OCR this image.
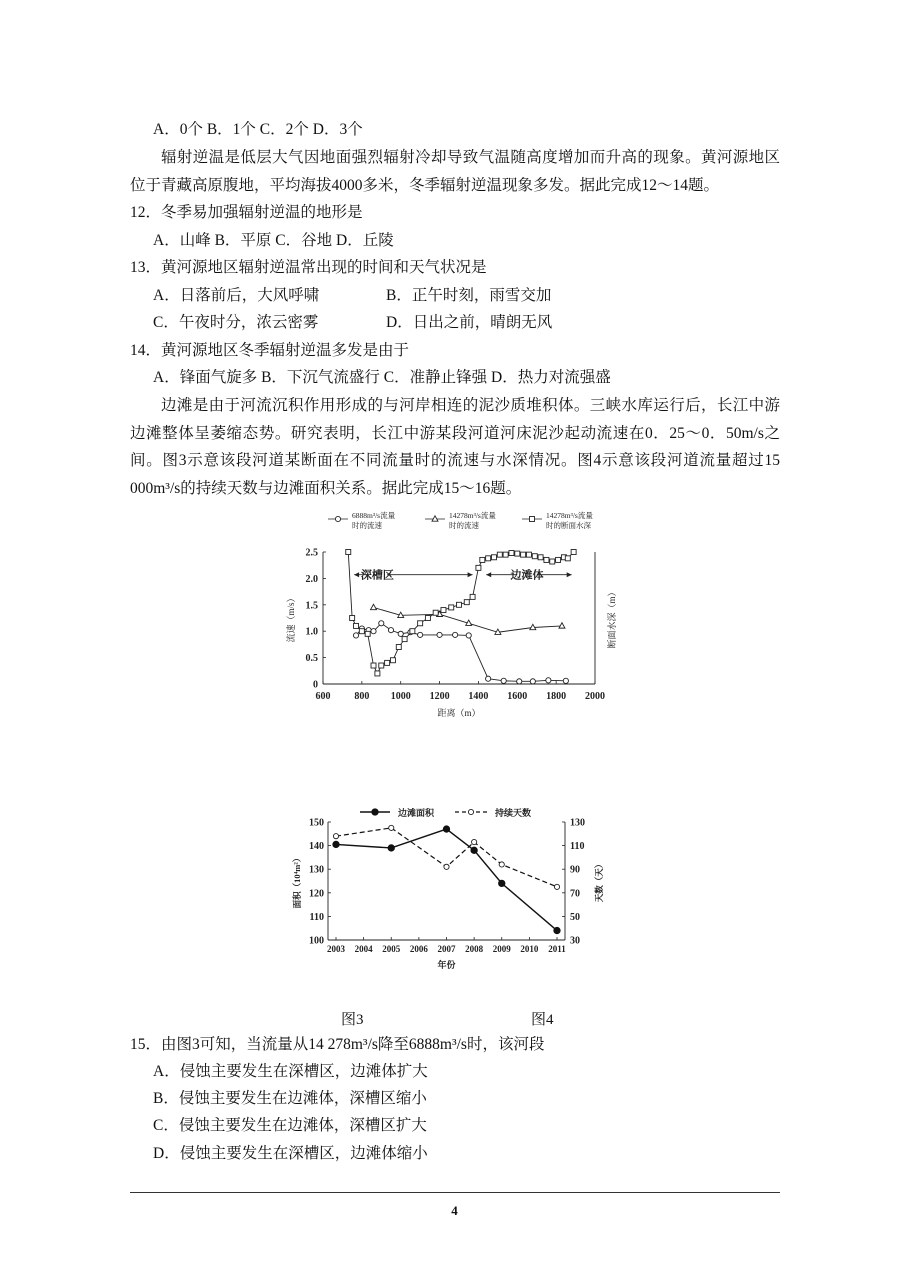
A．0个 B．1个 C．2个 D．3个
辐射逆温是低层大气因地面强烈辐射冷却导致气温随高度增加而升高的现象。黄河源地区位于青藏高原腹地，平均海拔4000多米，冬季辐射逆温现象多发。据此完成12～14题。
12．冬季易加强辐射逆温的地形是
A．山峰 B．平原 C．谷地 D．丘陵
13．黄河源地区辐射逆温常出现的时间和天气状况是
A．日落前后，大风呼啸	B．正午时刻，雨雪交加
C．午夜时分，浓云密雾	D．日出之前，晴朗无风
14．黄河源地区冬季辐射逆温多发是由于
A．锋面气旋多 B．下沉气流盛行 C．准静止锋强 D．热力对流强盛
边滩是由于河流沉积作用形成的与河岸相连的泥沙质堆积体。三峡水库运行后，长江中游边滩整体呈萎缩态势。研究表明，长江中游某段河道河床泥沙起动流速在0．25～0．50m/s之间。图3示意该段河道某断面在不同流量时的流速与水深情况。图4示意该段河道流量超过15 000m³/s的持续天数与边滩面积关系。据此完成15～16题。
6888m³/s流量
时的流速
14278m³/s流量
时的流速
14278m³/s流量
时的断面水深
0
0.5
1.0
1.5
2.0
2.5
600 800 1000 1200 1400 1600 1800 2000
距离（m）
流速（m/s）	断面水深（m）
深槽区	边滩体
边滩面积	持续天数
100
110
120
130
140
150
30
50
70
90
110
130
2003 2004 2005 2006 2007 2008 2009 2010 2011
年份
面积（10⁴m²）	天数（天）
图3	图4
15．由图3可知，当流量从14 278m³/s降至6888m³/s时，该河段
A．侵蚀主要发生在深槽区，边滩体扩大
B．侵蚀主要发生在边滩体，深槽区缩小
C．侵蚀主要发生在边滩体，深槽区扩大
D．侵蚀主要发生在深槽区，边滩体缩小
4
